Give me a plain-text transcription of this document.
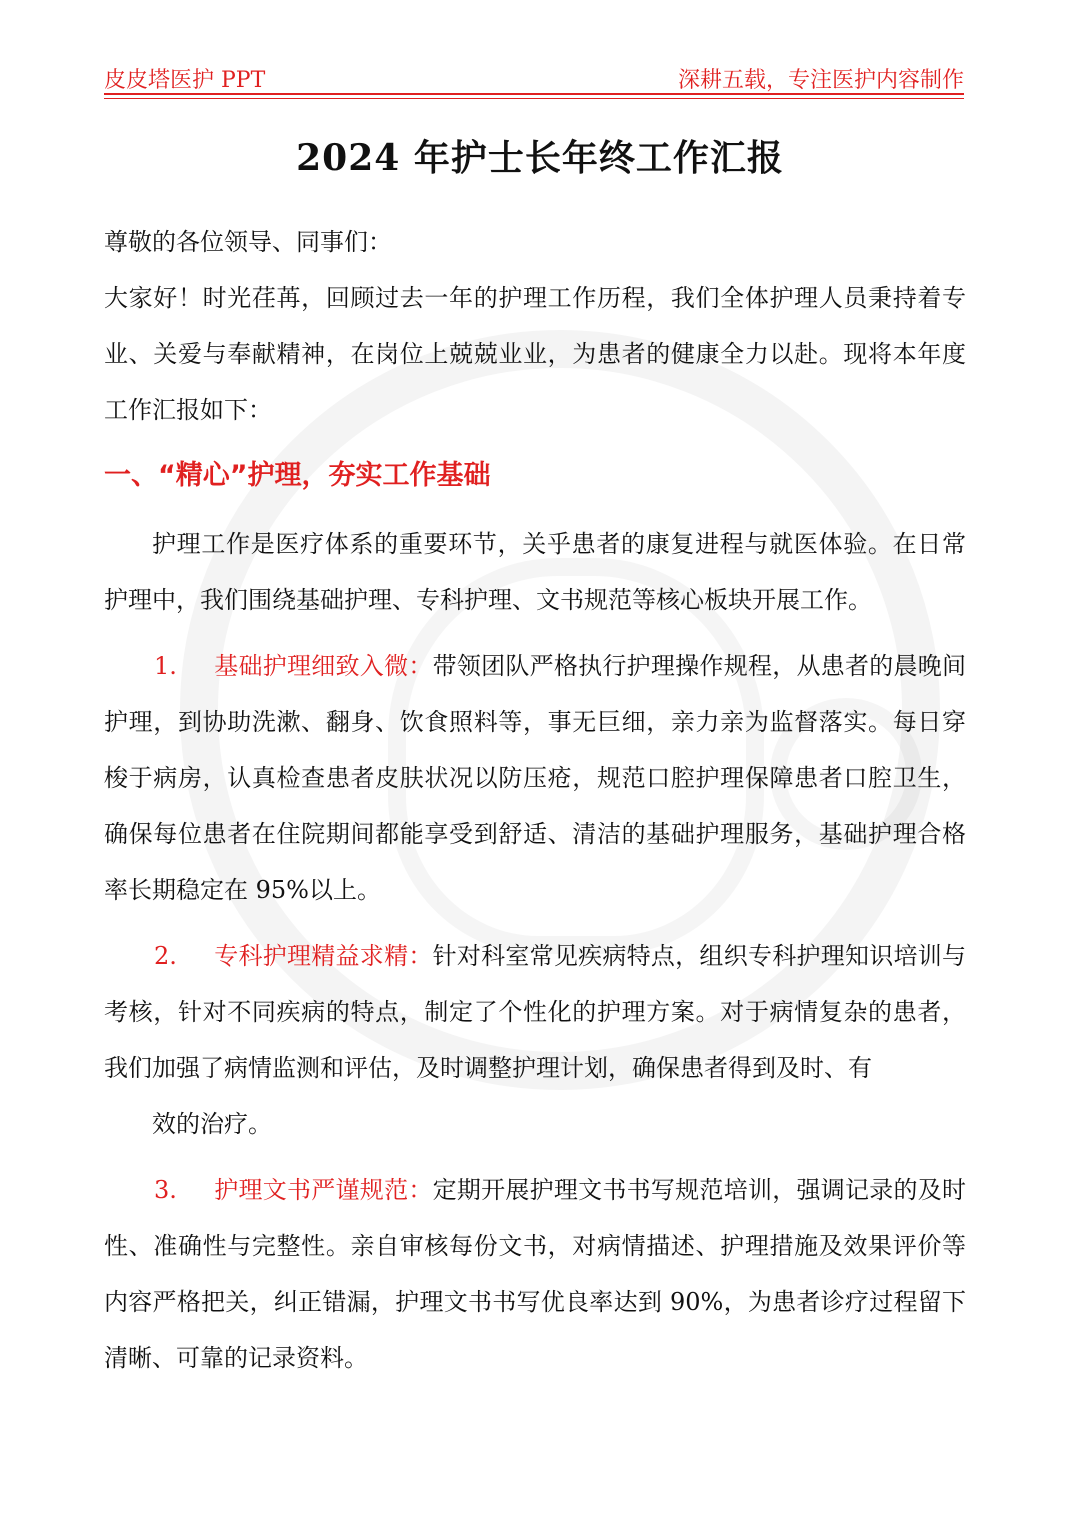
皮皮塔医护 PPT	深耕五载，专注医护内容制作
2024 年护士长年终工作汇报

尊敬的各位领导、同事们：

大家好！时光荏苒，回顾过去一年的护理工作历程，我们全体护理人员秉持着专业、关爱与奉献精神，在岗位上兢兢业业，为患者的健康全力以赴。现将本年度工作汇报如下：

一、“精心”护理，夯实工作基础

护理工作是医疗体系的重要环节，关乎患者的康复进程与就医体验。在日常护理中，我们围绕基础护理、专科护理、文书规范等核心板块开展工作。

1. 基础护理细致入微：带领团队严格执行护理操作规程，从患者的晨晚间护理，到协助洗漱、翻身、饮食照料等，事无巨细，亲力亲为监督落实。每日穿梭于病房，认真检查患者皮肤状况以防压疮，规范口腔护理保障患者口腔卫生，确保每位患者在住院期间都能享受到舒适、清洁的基础护理服务，基础护理合格率长期稳定在 95%以上。

2. 专科护理精益求精：针对科室常见疾病特点，组织专科护理知识培训与考核，针对不同疾病的特点，制定了个性化的护理方案。对于病情复杂的患者，我们加强了病情监测和评估，及时调整护理计划，确保患者得到及时、有

效的治疗。

3. 护理文书严谨规范：定期开展护理文书书写规范培训，强调记录的及时性、准确性与完整性。亲自审核每份文书，对病情描述、护理措施及效果评价等内容严格把关，纠正错漏，护理文书书写优良率达到 90%，为患者诊疗过程留下清晰、可靠的记录资料。
